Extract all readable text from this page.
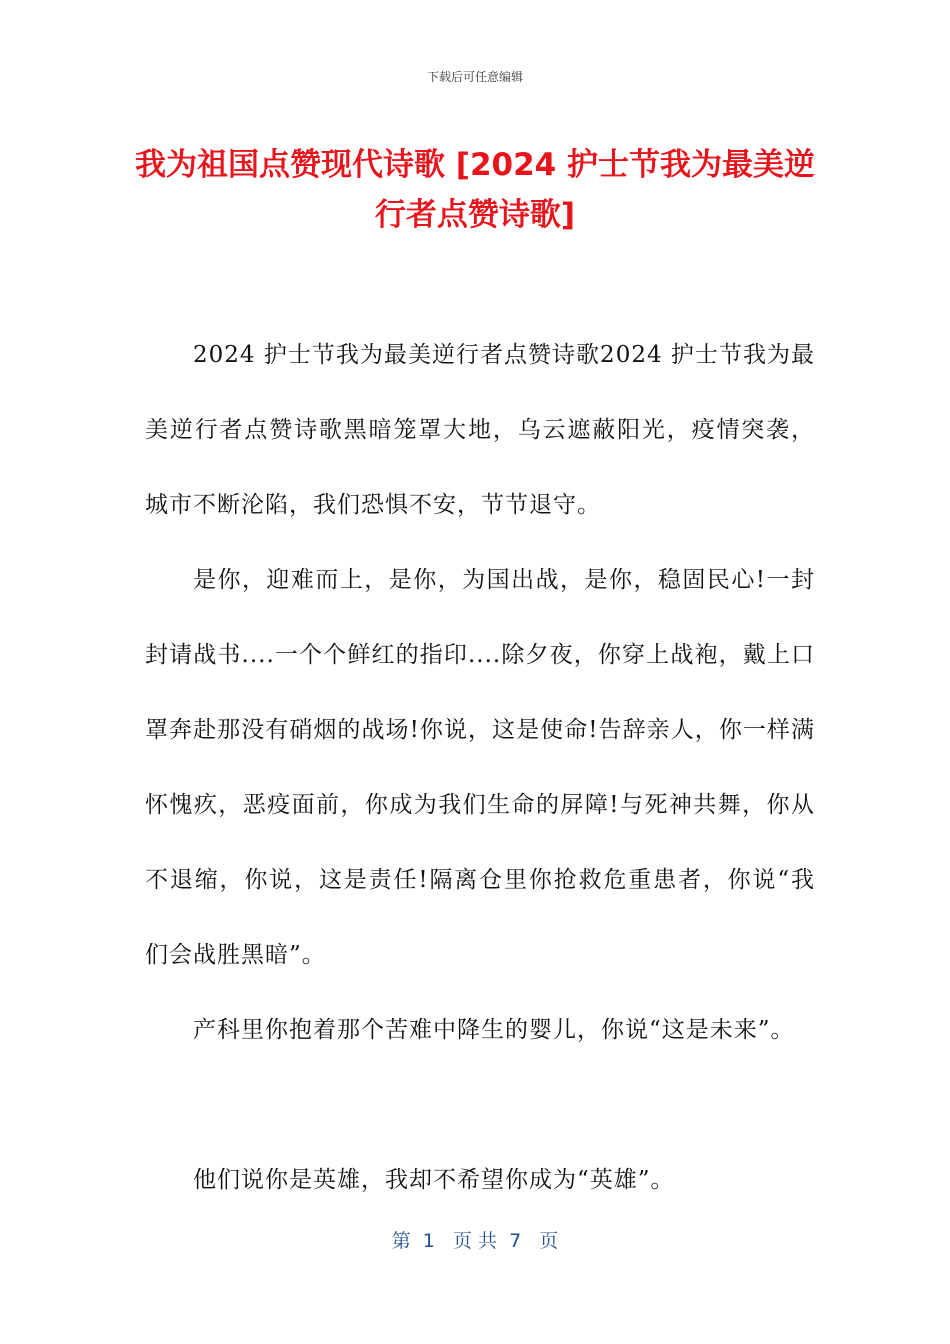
下载后可任意编辑
我为祖国点赞现代诗歌 [2024 护士节我为最美逆行者点赞诗歌]

2024 护士节我为最美逆行者点赞诗歌2024 护士节我为最美逆行者点赞诗歌黑暗笼罩大地，乌云遮蔽阳光，疫情突袭，城市不断沦陷，我们恐惧不安，节节退守。

是你，迎难而上，是你，为国出战，是你，稳固民心!一封封请战书....一个个鲜红的指印....除夕夜，你穿上战袍，戴上口罩奔赴那没有硝烟的战场!你说，这是使命!告辞亲人，你一样满怀愧疚，恶疫面前，你成为我们生命的屏障!与死神共舞，你从不退缩，你说，这是责任!隔离仓里你抢救危重患者，你说“我们会战胜黑暗”。

产科里你抱着那个苦难中降生的婴儿，你说“这是未来”。

他们说你是英雄，我却不希望你成为“英雄”。

第  1   页 共  7   页
